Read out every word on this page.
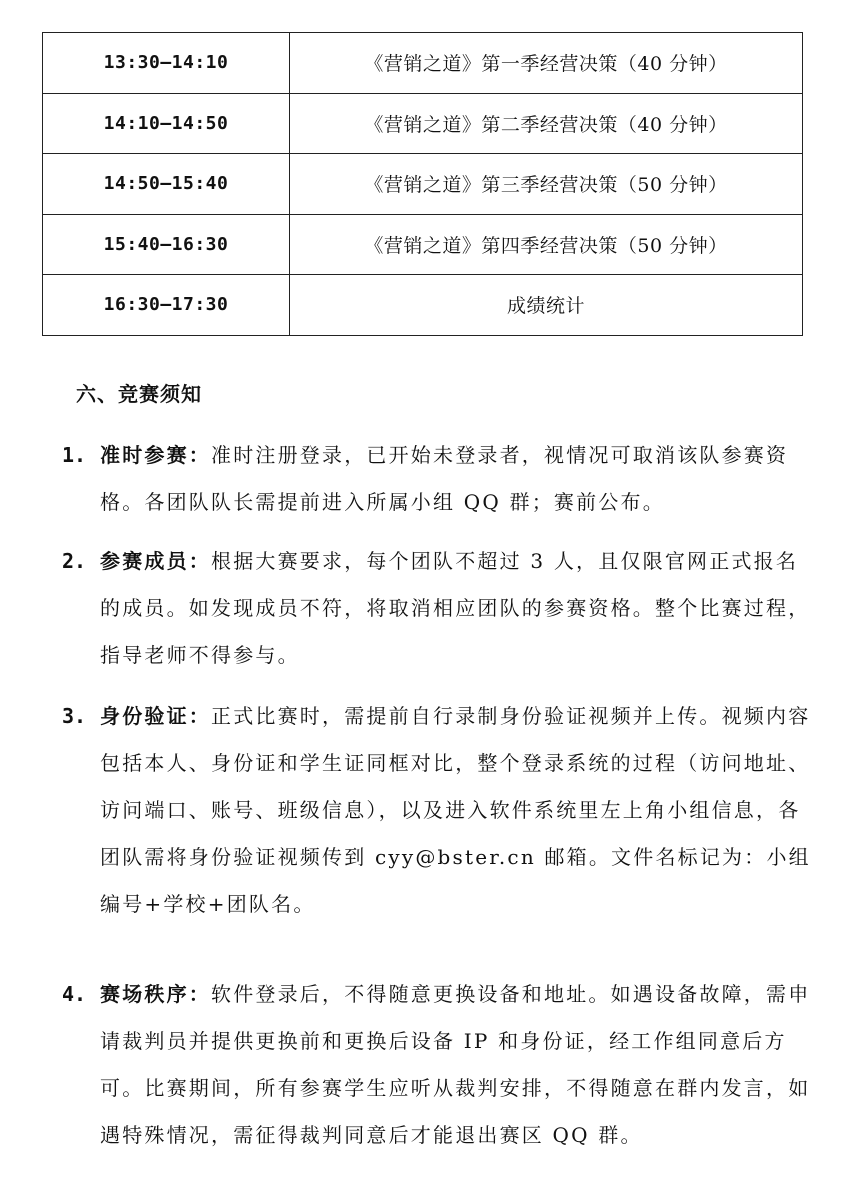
13:30—14:10	《营销之道》第一季经营决策（40 分钟）
14:10—14:50	《营销之道》第二季经营决策（40 分钟）
14:50—15:40	《营销之道》第三季经营决策（50 分钟）
15:40—16:30	《营销之道》第四季经营决策（50 分钟）
16:30—17:30	成绩统计
六、竞赛须知
1. 准时参赛：准时注册登录，已开始未登录者，视情况可取消该队参赛资格。各团队队长需提前进入所属小组 QQ 群；赛前公布。
2. 参赛成员：根据大赛要求，每个团队不超过 3 人，且仅限官网正式报名的成员。如发现成员不符，将取消相应团队的参赛资格。整个比赛过程，指导老师不得参与。
3. 身份验证：正式比赛时，需提前自行录制身份验证视频并上传。视频内容包括本人、身份证和学生证同框对比，整个登录系统的过程（访问地址、访问端口、账号、班级信息），以及进入软件系统里左上角小组信息，各团队需将身份验证视频传到 cyy@bster.cn 邮箱。文件名标记为：小组编号+学校+团队名。
4. 赛场秩序：软件登录后，不得随意更换设备和地址。如遇设备故障，需申请裁判员并提供更换前和更换后设备 IP 和身份证，经工作组同意后方可。比赛期间，所有参赛学生应听从裁判安排，不得随意在群内发言，如遇特殊情况，需征得裁判同意后才能退出赛区 QQ 群。
